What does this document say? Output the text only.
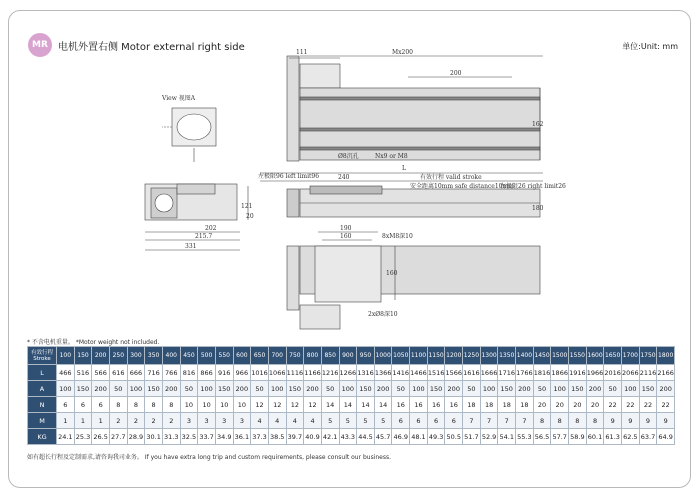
MR	电机外置右侧 Motor external right side	单位:Unit: mm
View 视图A
111	Mx200
200
162
Ø8沉孔	Nx9 or M8
L
左极限96 left limit96	240	有效行程 valid stroke
安全距离10mm safe distance10mm
右极限26 right limit26
121	180
202
215.7
331
190
160	8xM8深10
160
2xØ8深10
20
* 不含电机重量。 *Motor weight not included.
有效行程 Stroke	100	150	200	250	300	350	400	450	500	550	600	650	700	750	800	850	900	950	1000	1050	1100	1150	1200	1250	1300	1350	1400	1450	1500	1550	1600	1650	1700	1750	1800
L	466	516	566	616	666	716	766	816	866	916	966	1016	1066	1116	1166	1216	1266	1316	1366	1416	1466	1516	1566	1616	1666	1716	1766	1816	1866	1916	1966	2016	2066	2116	2166
A	100	150	200	50	100	150	200	50	100	150	200	50	100	150	200	50	100	150	200	50	100	150	200	50	100	150	200	50	100	150	200	50	100	150	200
N	6	6	6	8	8	8	8	10	10	10	10	12	12	12	12	14	14	14	14	16	16	16	16	18	18	18	18	20	20	20	20	22	22	22	22
M	1	1	1	2	2	2	2	3	3	3	3	4	4	4	4	5	5	5	5	6	6	6	6	7	7	7	7	8	8	8	8	9	9	9	9
KG	24.1	25.3	26.5	27.7	28.9	30.1	31.3	32.5	33.7	34.9	36.1	37.3	38.5	39.7	40.9	42.1	43.3	44.5	45.7	46.9	48.1	49.3	50.5	51.7	52.9	54.1	55.3	56.5	57.7	58.9	60.1	61.3	62.5	63.7	64.9
如有超长行程及定制需求,请咨询我司业务。 If you have extra long trip and custom requirements, please consult our business.
